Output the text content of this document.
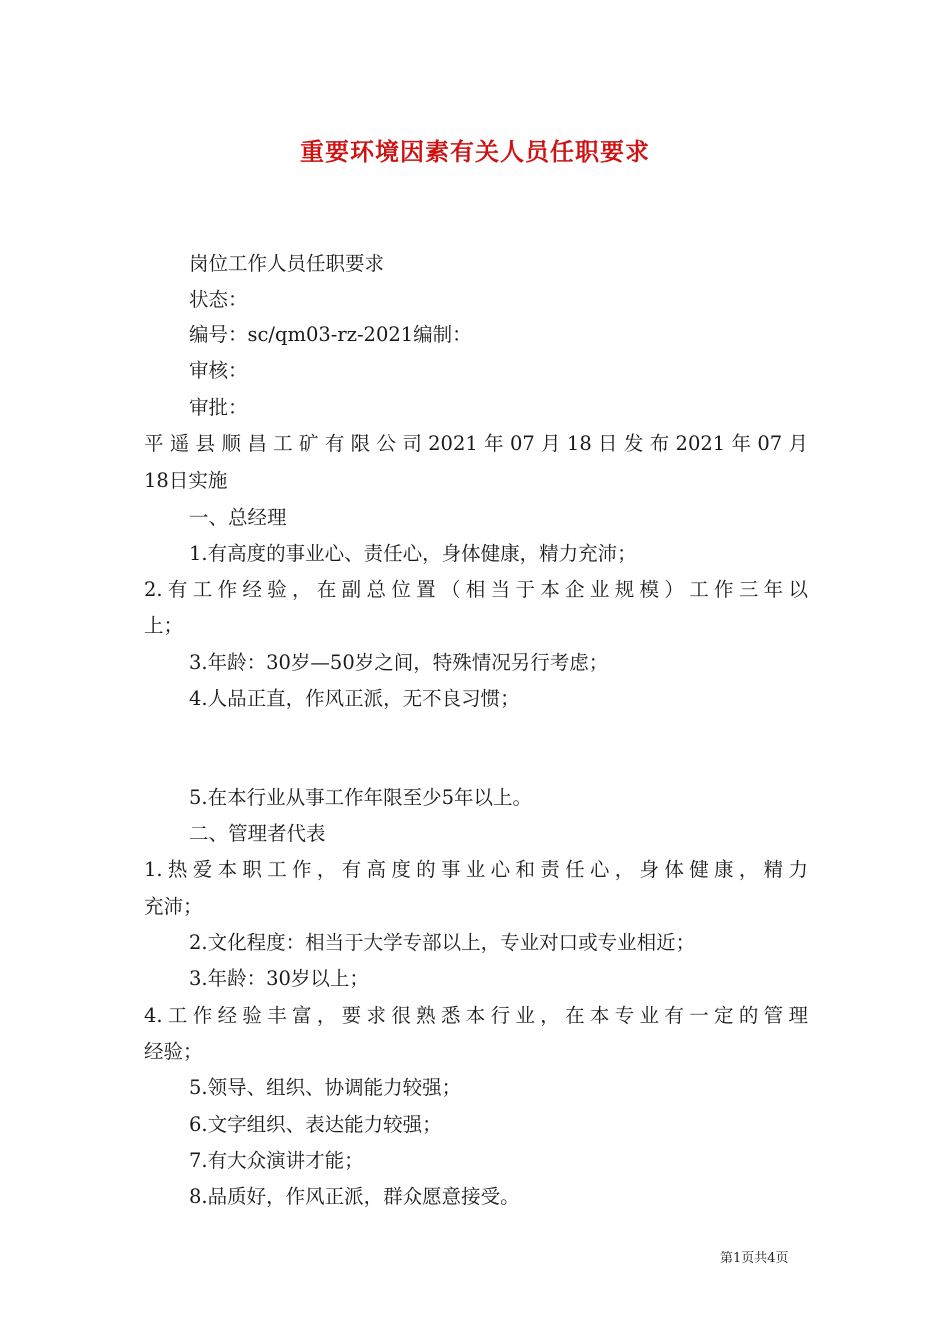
重要环境因素有关人员任职要求
岗位工作人员任职要求
状态：
编号：sc/qm03-rz-2021编制：
审核：
审批：
平遥县顺昌工矿有限公司2021年07月18日发布2021年07月
18日实施
一、总经理
1.有高度的事业心、责任心，身体健康，精力充沛；
2.有工作经验，在副总位置（相当于本企业规模）工作三年以
上；
3.年龄：30岁—50岁之间，特殊情况另行考虑；
4.人品正直，作风正派，无不良习惯；
5.在本行业从事工作年限至少5年以上。
二、管理者代表
1.热爱本职工作，有高度的事业心和责任心，身体健康，精力
充沛；
2.文化程度：相当于大学专部以上，专业对口或专业相近；
3.年龄：30岁以上；
4.工作经验丰富，要求很熟悉本行业，在本专业有一定的管理
经验；
5.领导、组织、协调能力较强；
6.文字组织、表达能力较强；
7.有大众演讲才能；
8.品质好，作风正派，群众愿意接受。
第1页共4页
